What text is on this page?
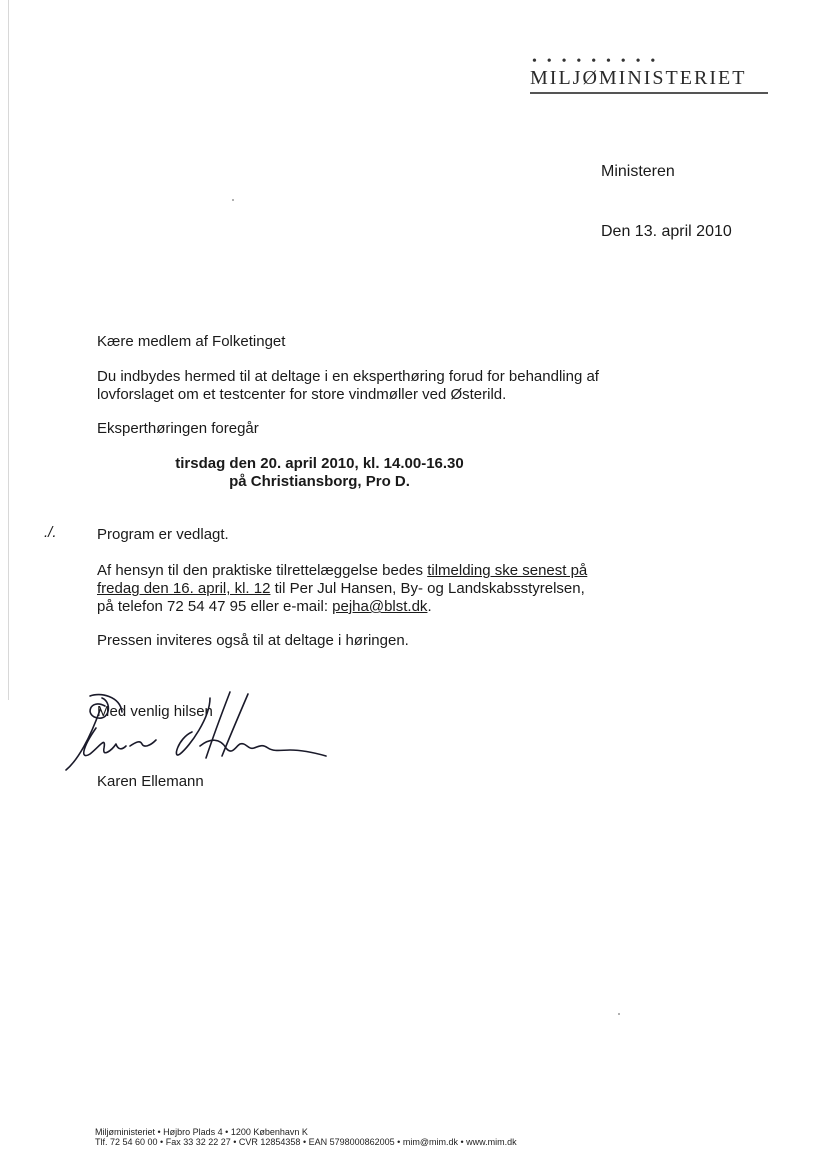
• • • • • • • • •
MILJØMINISTERIET
Ministeren
Den 13. april 2010
Kære medlem af Folketinget
Du indbydes hermed til at deltage i en eksperthøring forud for behandling af
lovforslaget om et testcenter for store vindmøller ved Østerild.
Eksperthøringen foregår
tirsdag den 20. april 2010, kl. 14.00-16.30
på Christiansborg, Pro D.
./.	Program er vedlagt.
Af hensyn til den praktiske tilrettelæggelse bedes tilmelding ske senest på
fredag den 16. april, kl. 12 til Per Jul Hansen, By- og Landskabsstyrelsen,
på telefon 72 54 47 95 eller e-mail: pejha@blst.dk.
Pressen inviteres også til at deltage i høringen.
Med venlig hilsen
Karen Ellemann
Miljøministeriet • Højbro Plads 4 • 1200 København K
Tlf. 72 54 60 00 • Fax 33 32 22 27 • CVR 12854358 • EAN 5798000862005 • mim@mim.dk • www.mim.dk
